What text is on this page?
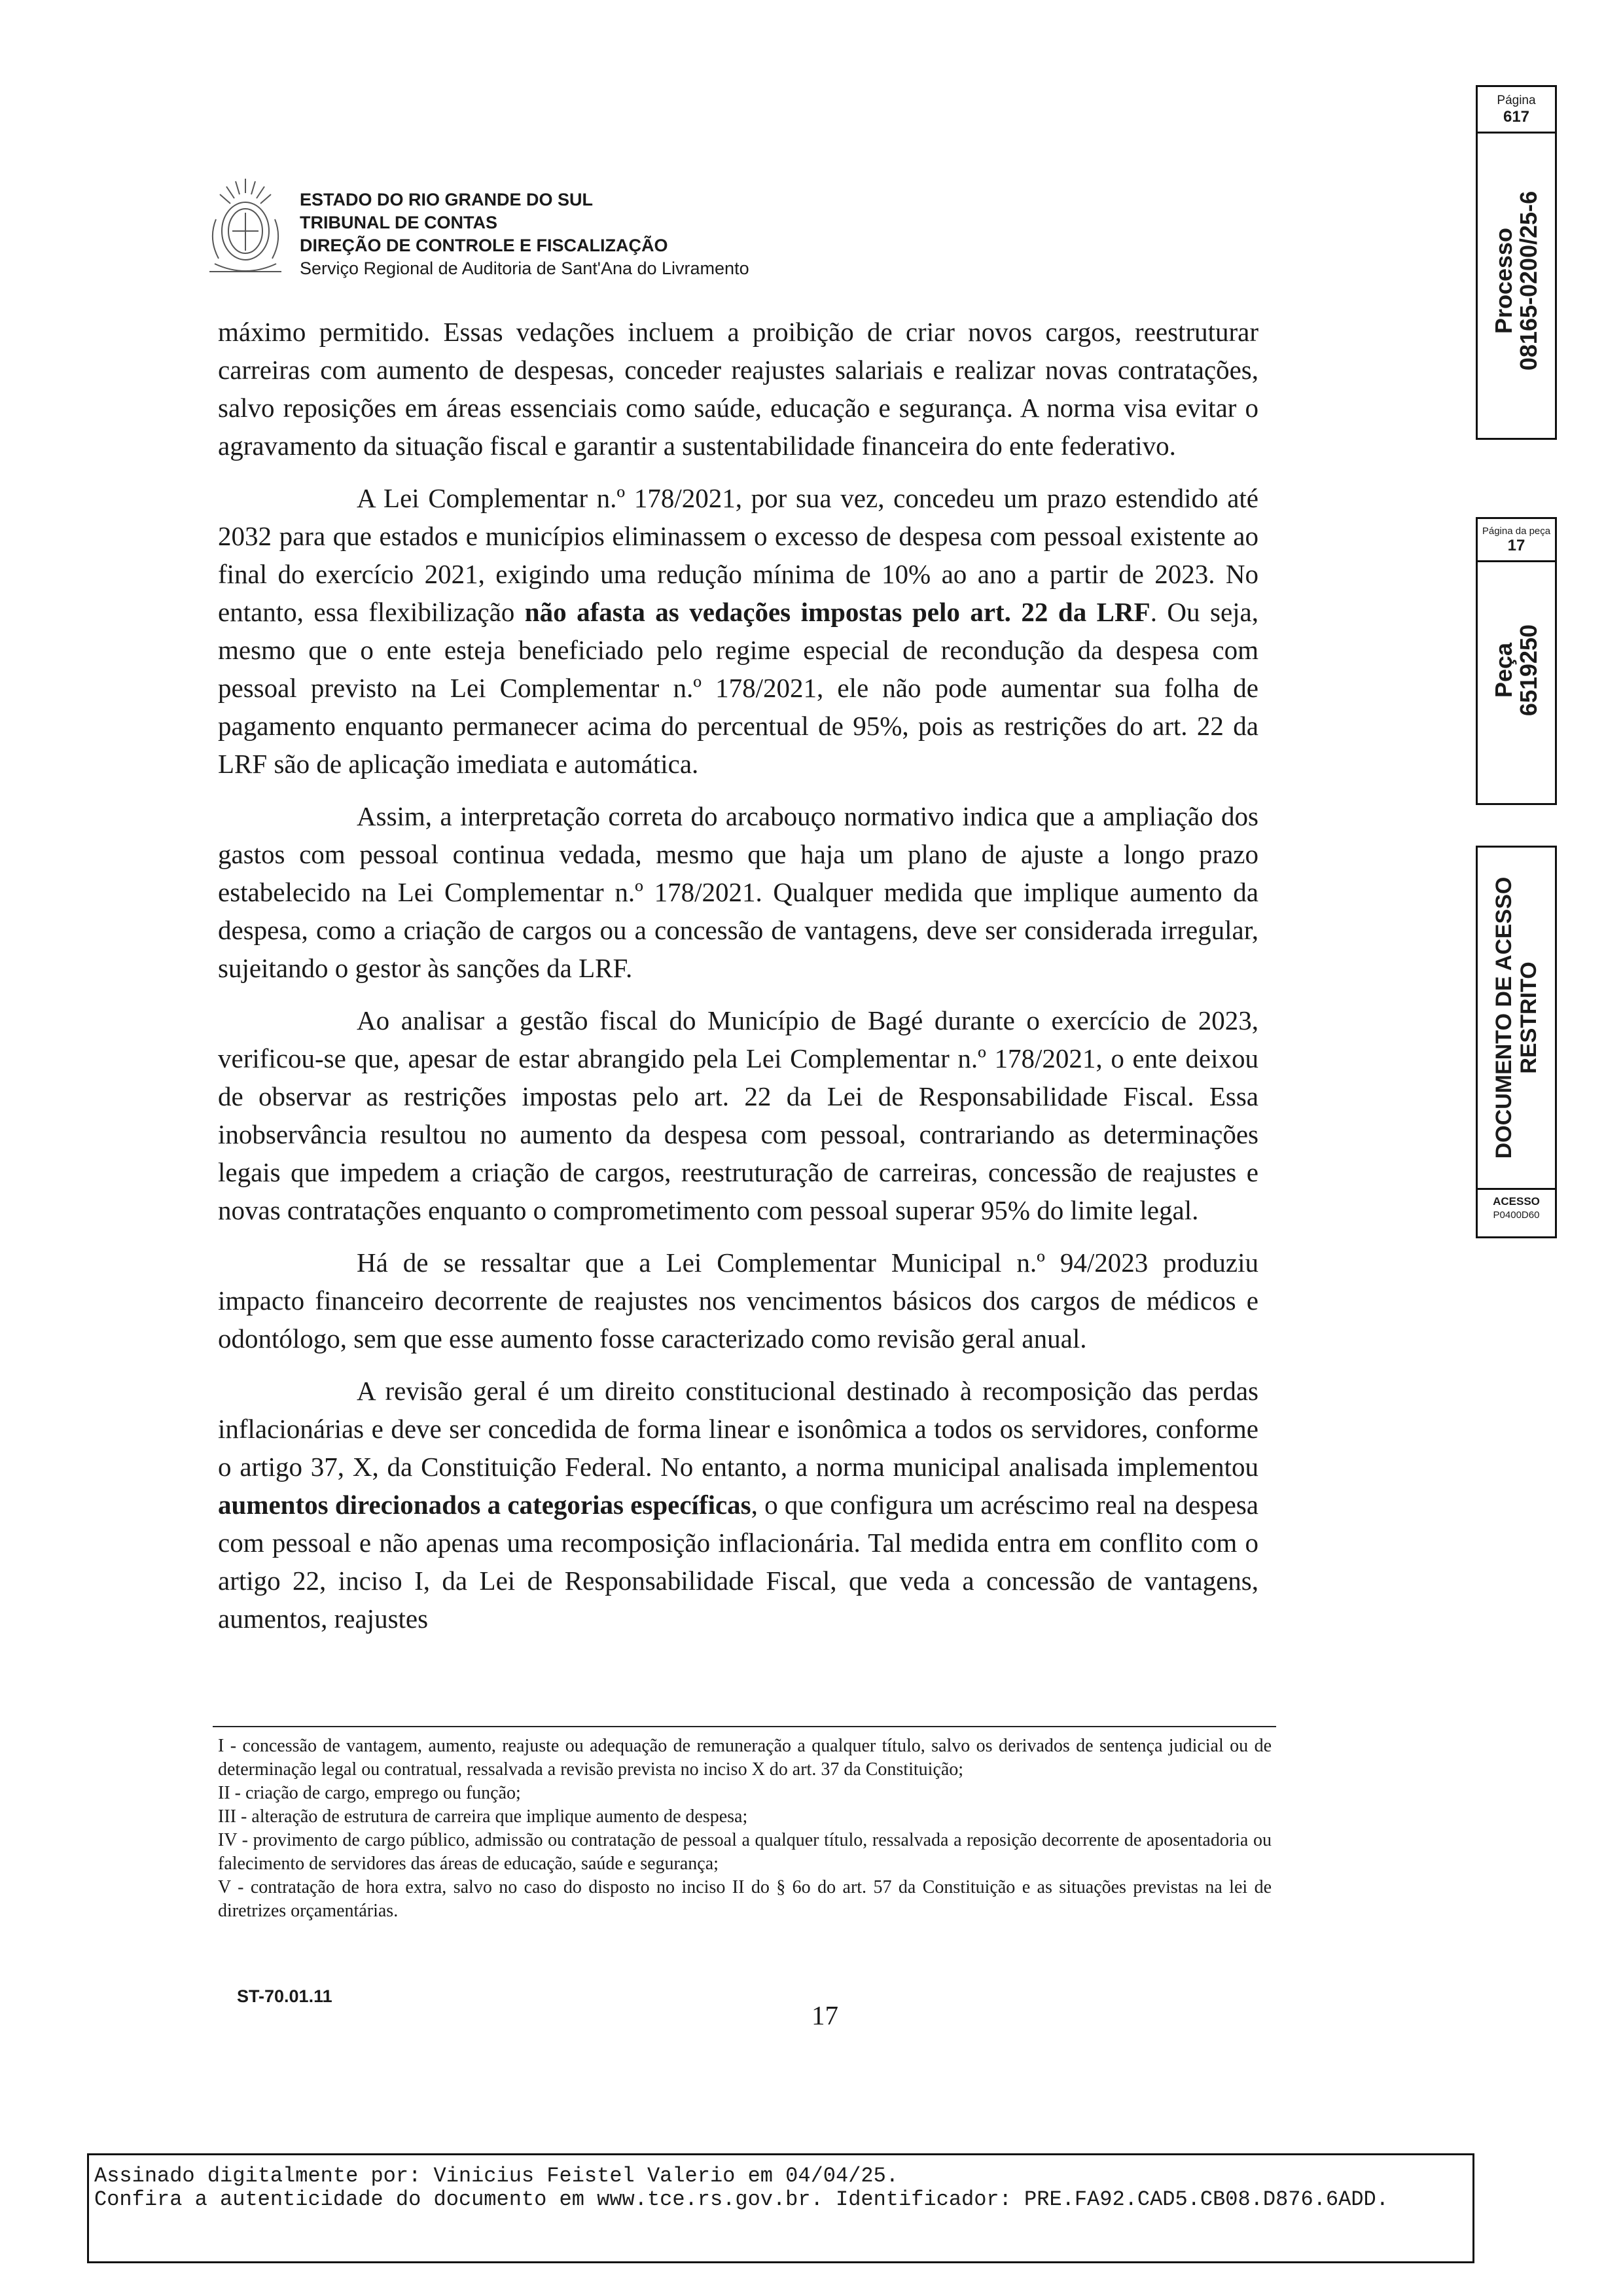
ESTADO DO RIO GRANDE DO SUL
TRIBUNAL DE CONTAS
DIREÇÃO DE CONTROLE E FISCALIZAÇÃO
Serviço Regional de Auditoria de Sant'Ana do Livramento

máximo permitido. Essas vedações incluem a proibição de criar novos cargos, reestruturar carreiras com aumento de despesas, conceder reajustes salariais e realizar novas contratações, salvo reposições em áreas essenciais como saúde, educação e segurança. A norma visa evitar o agravamento da situação fiscal e garantir a sustentabilidade financeira do ente federativo.

A Lei Complementar n.º 178/2021, por sua vez, concedeu um prazo estendido até 2032 para que estados e municípios eliminassem o excesso de despesa com pessoal existente ao final do exercício 2021, exigindo uma redução mínima de 10% ao ano a partir de 2023. No entanto, essa flexibilização não afasta as vedações impostas pelo art. 22 da LRF. Ou seja, mesmo que o ente esteja beneficiado pelo regime especial de recondução da despesa com pessoal previsto na Lei Complementar n.º 178/2021, ele não pode aumentar sua folha de pagamento enquanto permanecer acima do percentual de 95%, pois as restrições do art. 22 da LRF são de aplicação imediata e automática.

Assim, a interpretação correta do arcabouço normativo indica que a ampliação dos gastos com pessoal continua vedada, mesmo que haja um plano de ajuste a longo prazo estabelecido na Lei Complementar n.º 178/2021. Qualquer medida que implique aumento da despesa, como a criação de cargos ou a concessão de vantagens, deve ser considerada irregular, sujeitando o gestor às sanções da LRF.

Ao analisar a gestão fiscal do Município de Bagé durante o exercício de 2023, verificou-se que, apesar de estar abrangido pela Lei Complementar n.º 178/2021, o ente deixou de observar as restrições impostas pelo art. 22 da Lei de Responsabilidade Fiscal. Essa inobservância resultou no aumento da despesa com pessoal, contrariando as determinações legais que impedem a criação de cargos, reestruturação de carreiras, concessão de reajustes e novas contratações enquanto o comprometimento com pessoal superar 95% do limite legal.

Há de se ressaltar que a Lei Complementar Municipal n.º 94/2023 produziu impacto financeiro decorrente de reajustes nos vencimentos básicos dos cargos de médicos e odontólogo, sem que esse aumento fosse caracterizado como revisão geral anual.

A revisão geral é um direito constitucional destinado à recomposição das perdas inflacionárias e deve ser concedida de forma linear e isonômica a todos os servidores, conforme o artigo 37, X, da Constituição Federal. No entanto, a norma municipal analisada implementou aumentos direcionados a categorias específicas, o que configura um acréscimo real na despesa com pessoal e não apenas uma recomposição inflacionária. Tal medida entra em conflito com o artigo 22, inciso I, da Lei de Responsabilidade Fiscal, que veda a concessão de vantagens, aumentos, reajustes

I - concessão de vantagem, aumento, reajuste ou adequação de remuneração a qualquer título, salvo os derivados de sentença judicial ou de determinação legal ou contratual, ressalvada a revisão prevista no inciso X do art. 37 da Constituição;

II - criação de cargo, emprego ou função;

III - alteração de estrutura de carreira que implique aumento de despesa;

IV - provimento de cargo público, admissão ou contratação de pessoal a qualquer título, ressalvada a reposição decorrente de aposentadoria ou falecimento de servidores das áreas de educação, saúde e segurança;

V - contratação de hora extra, salvo no caso do disposto no inciso II do § 6o do art. 57 da Constituição e as situações previstas na lei de diretrizes orçamentárias.

ST-70.01.11
17
Assinado digitalmente por: Vinicius Feistel Valerio em 04/04/25.
Confira a autenticidade do documento em www.tce.rs.gov.br. Identificador: PRE.FA92.CAD5.CB08.D876.6ADD.
Página
617
Processo
08165-0200/25-6
Página da peça
17
Peça
6519250
DOCUMENTO DE ACESSO RESTRITO
ACESSO
P0400D60
